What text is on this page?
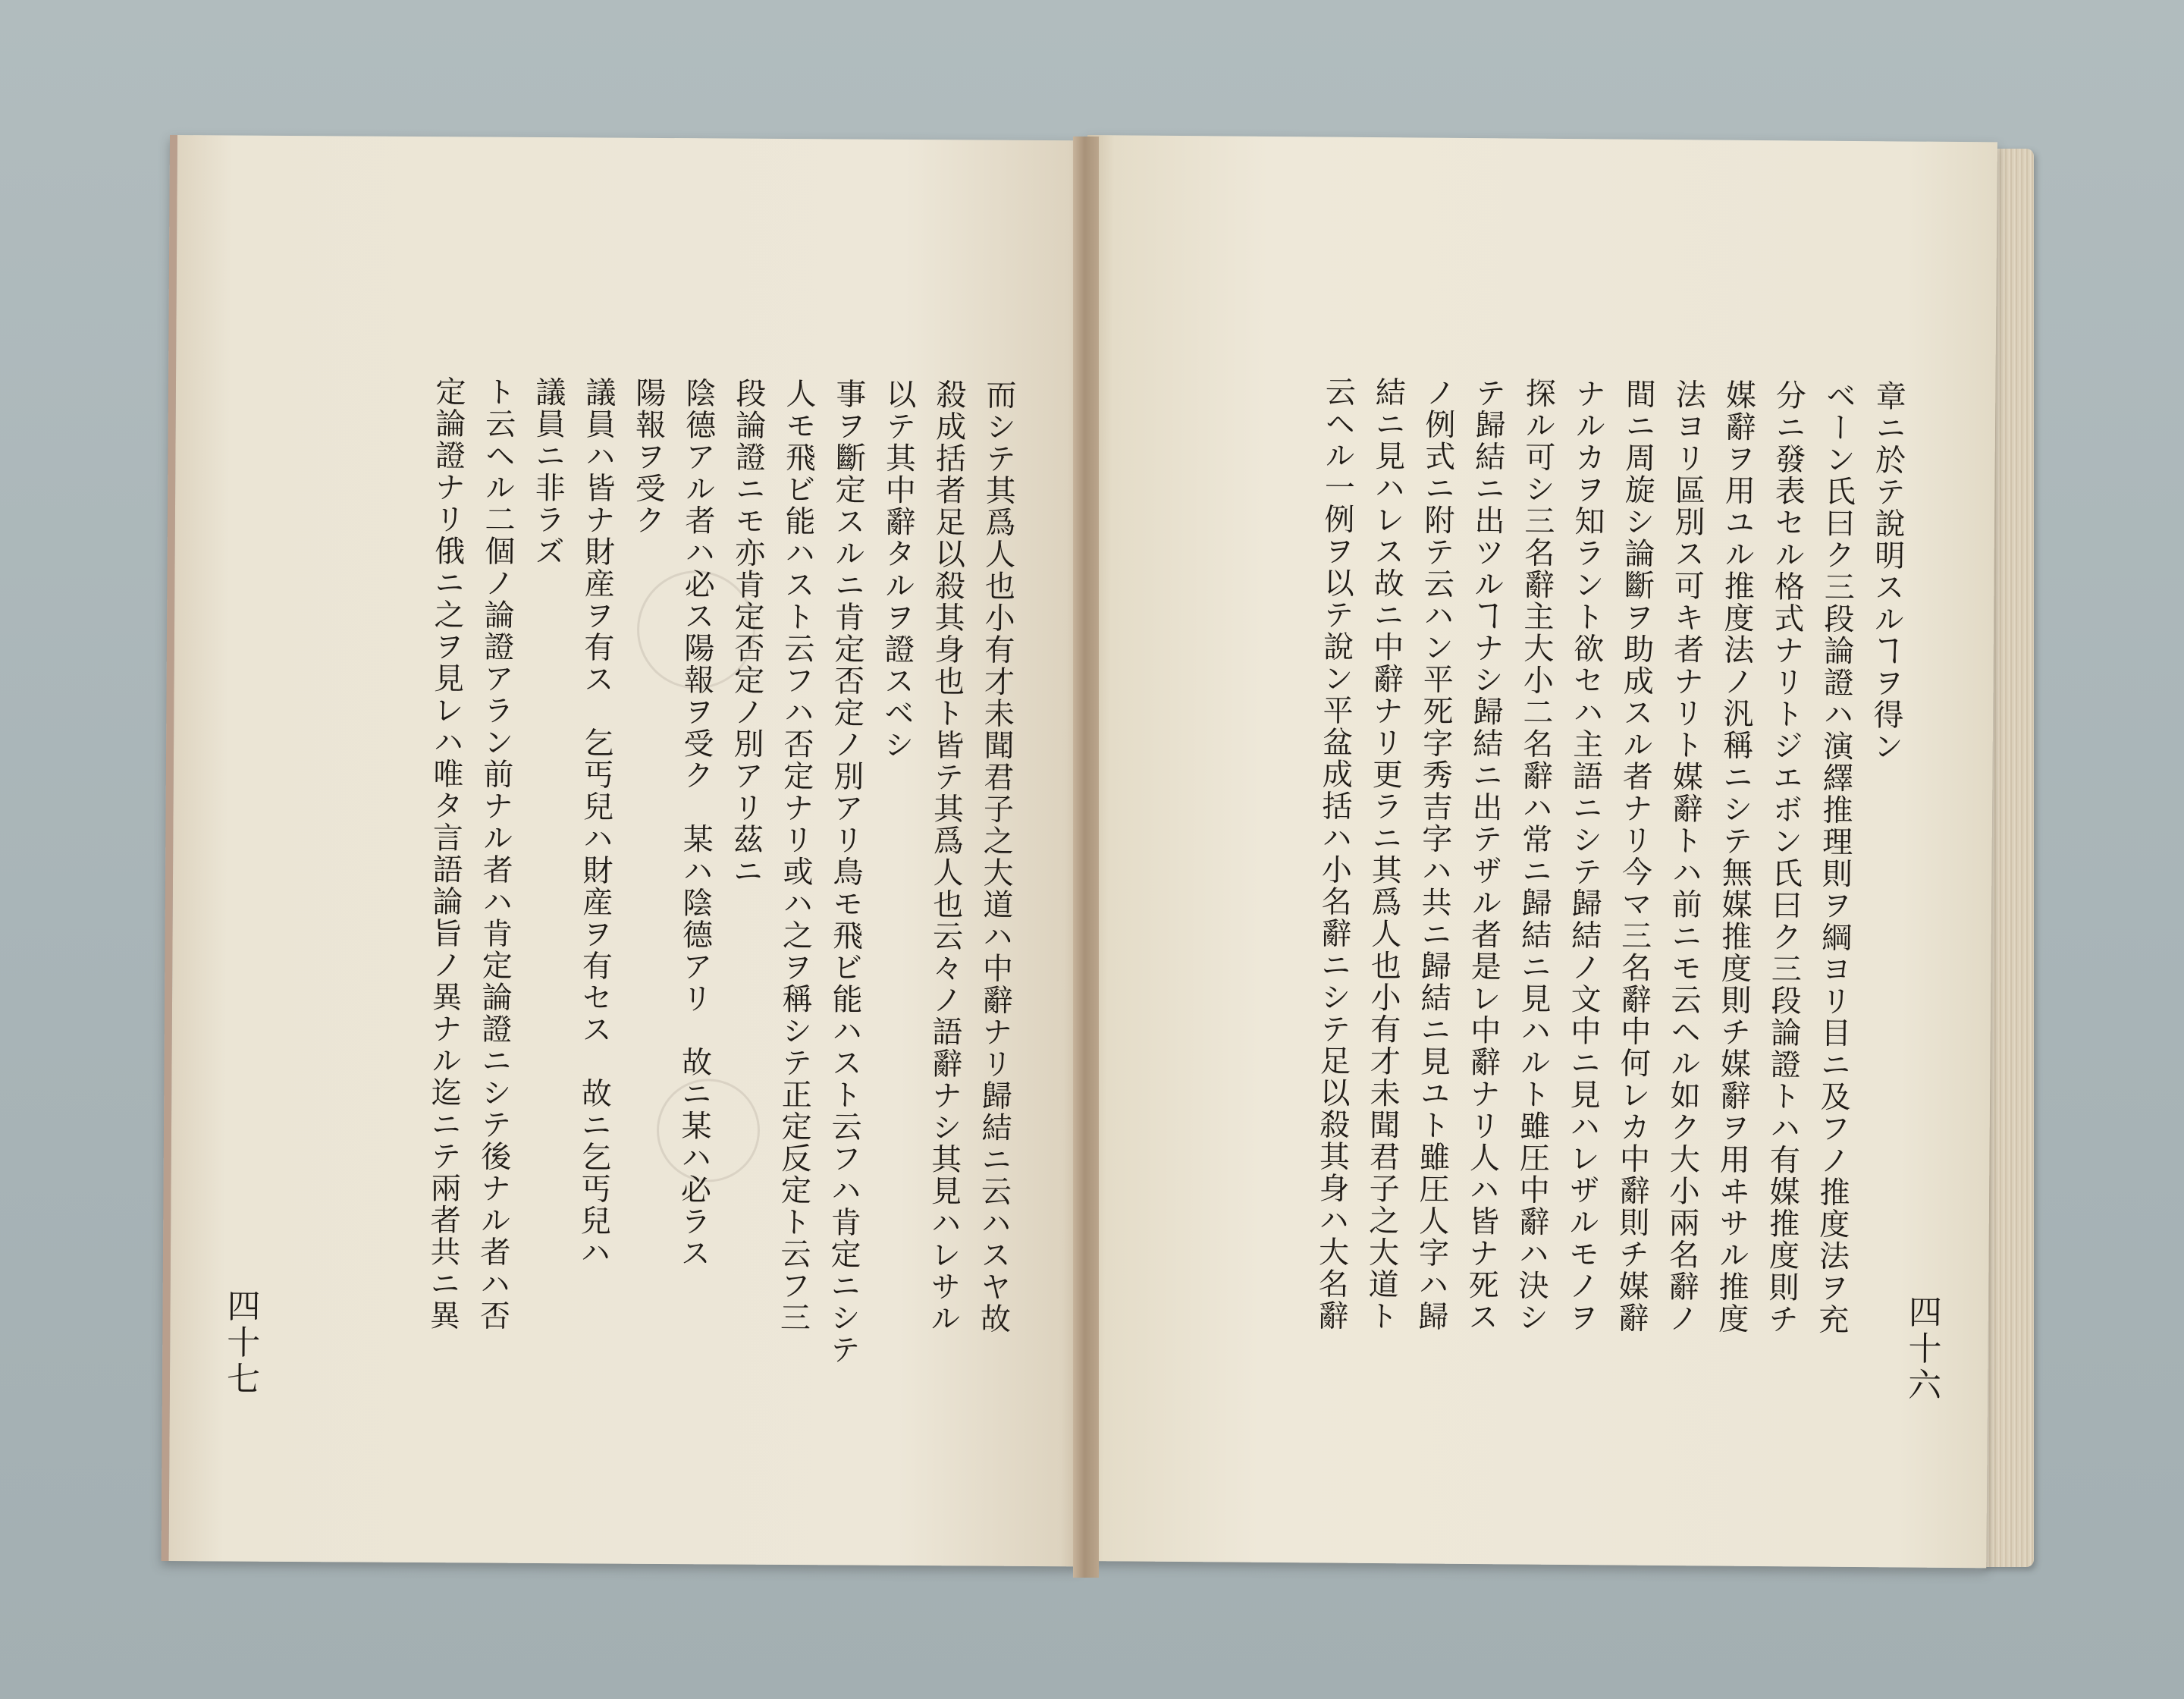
章ニ於テ說明スルヿヲ得ン
ベーン氏曰ク三段論證ハ演繹推理則ヲ綱ヨリ目ニ及フノ推度法ヲ充
分ニ發表セル格式ナリトジエボン氏曰ク三段論證トハ有媒推度則チ
媒辭ヲ用ユル推度法ノ汎稱ニシテ無媒推度則チ媒辭ヲ用ヰサル推度
法ヨリ區別ス可キ者ナリト媒辭トハ前ニモ云ヘル如ク大小兩名辭ノ
間ニ周旋シ論斷ヲ助成スル者ナリ今マ三名辭中何レカ中辭則チ媒辭
ナルカヲ知ラント欲セハ主語ニシテ歸結ノ文中ニ見ハレザルモノヲ
探ル可シ三名辭主大小二名辭ハ常ニ歸結ニ見ハルト雖圧中辭ハ決シ
テ歸結ニ出ツルヿナシ歸結ニ出テザル者是レ中辭ナリ人ハ皆ナ死ス
ノ例式ニ附テ云ハン平死字秀吉字ハ共ニ歸結ニ見ユト雖圧人字ハ歸
結ニ見ハレス故ニ中辭ナリ更ラニ其爲人也小有才未聞君子之大道ト
云ヘル一例ヲ以テ說ン平盆成括ハ小名辭ニシテ足以殺其身ハ大名辭
四十六
而シテ其爲人也小有才未聞君子之大道ハ中辭ナリ歸結ニ云ハスヤ故
殺成括者足以殺其身也ト皆テ其爲人也云々ノ語辭ナシ其見ハレサル
以テ其中辭タルヲ證スベシ
事ヲ斷定スルニ肯定否定ノ別アリ鳥モ飛ビ能ハスト云フハ肯定ニシテ
人モ飛ビ能ハスト云フハ否定ナリ或ハ之ヲ稱シテ正定反定ト云フ三
段論證ニモ亦肯定否定ノ別アリ茲ニ
陰德アル者ハ必ス陽報ヲ受ク　某ハ陰德アリ　故ニ某ハ必ラス
陽報ヲ受ク
議員ハ皆ナ財産ヲ有ス　乞丐兒ハ財産ヲ有セス　故ニ乞丐兒ハ
議員ニ非ラズ
ト云ヘル二個ノ論證アラン前ナル者ハ肯定論證ニシテ後ナル者ハ否
定論證ナリ俄ニ之ヲ見レハ唯タ言語論旨ノ異ナル迄ニテ兩者共ニ異
四十七
